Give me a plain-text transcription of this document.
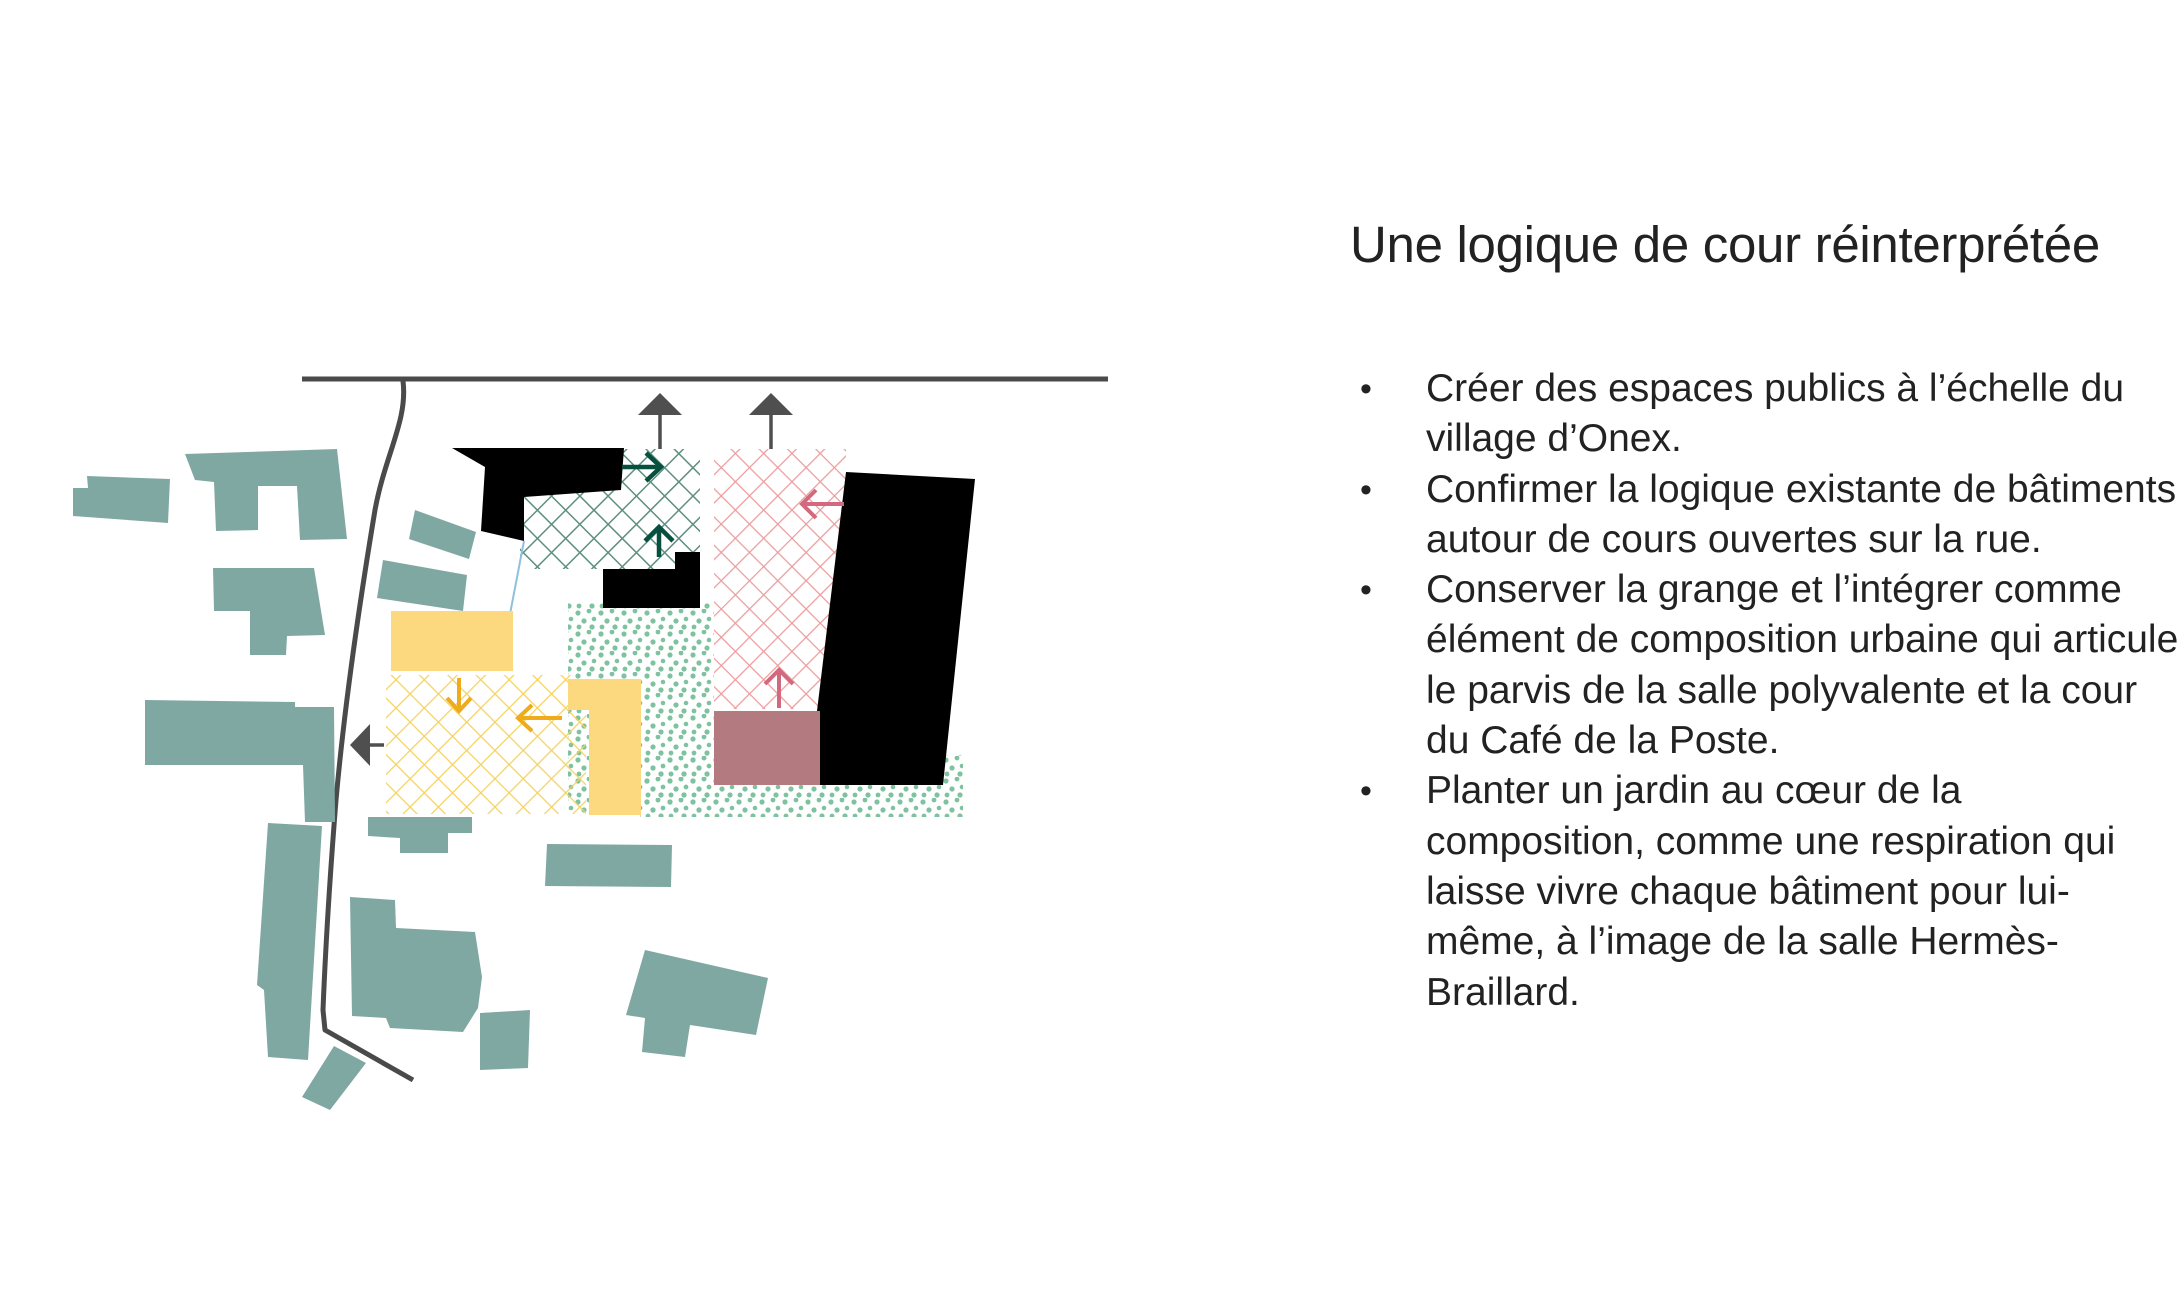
Une logique de cour réinterprétée
• Créer des espaces publics à l’échelle du village d’Onex.
• Confirmer la logique existante de bâtiments autour de cours ouvertes sur la rue.
• Conserver la grange et l’intégrer comme élément de composition urbaine qui articule le parvis de la salle polyvalente et la cour du Café de la Poste.
• Planter un jardin au cœur de la composition, comme une respiration qui laisse vivre chaque bâtiment pour lui-même, à l’image de la salle Hermès-Braillard.
